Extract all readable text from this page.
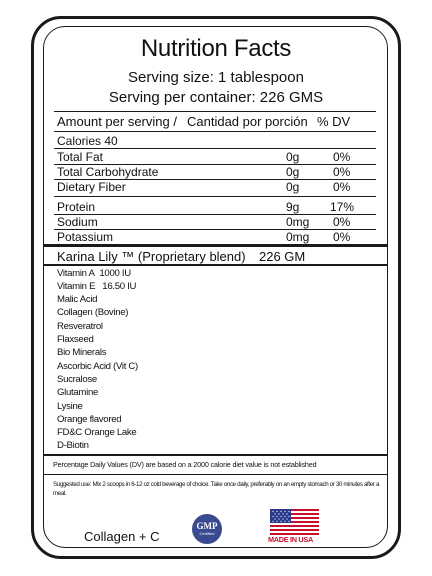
Nutrition Facts
Serving size: 1 tablespoon
Serving per container: 226 GMS
Amount per serving / Cantidad por porción % DV
Calories 40
Total Fat	0g	0%
Total Carbohydrate	0g	0%
Dietary Fiber	0g	0%
Protein	9g	17%
Sodium	0mg 0%
Potassium	0mg 0%
Karina Lily ™ (Proprietary blend) 226 GM
Vitamin A 1000 IU
Vitamin E 16.50 IU
Malic Acid
Collagen (Bovine)
Resveratrol
Flaxseed
Bio Minerals
Ascorbic Acid (Vit C)
Sucralose
Glutamine
Lysine
Orange flavored
FD&C Orange Lake
D-Biotin
Percentage Daily Values (DV) are based on a 2000 calorie diet value is not established
Suggested use: Mix 2 scoops in 6-12 oz cold beverage of choice. Take once daily, preferably on an empty stomach or 30 minutes after a meal.
Collagen + C
GMP
Certified
MADE IN USA
